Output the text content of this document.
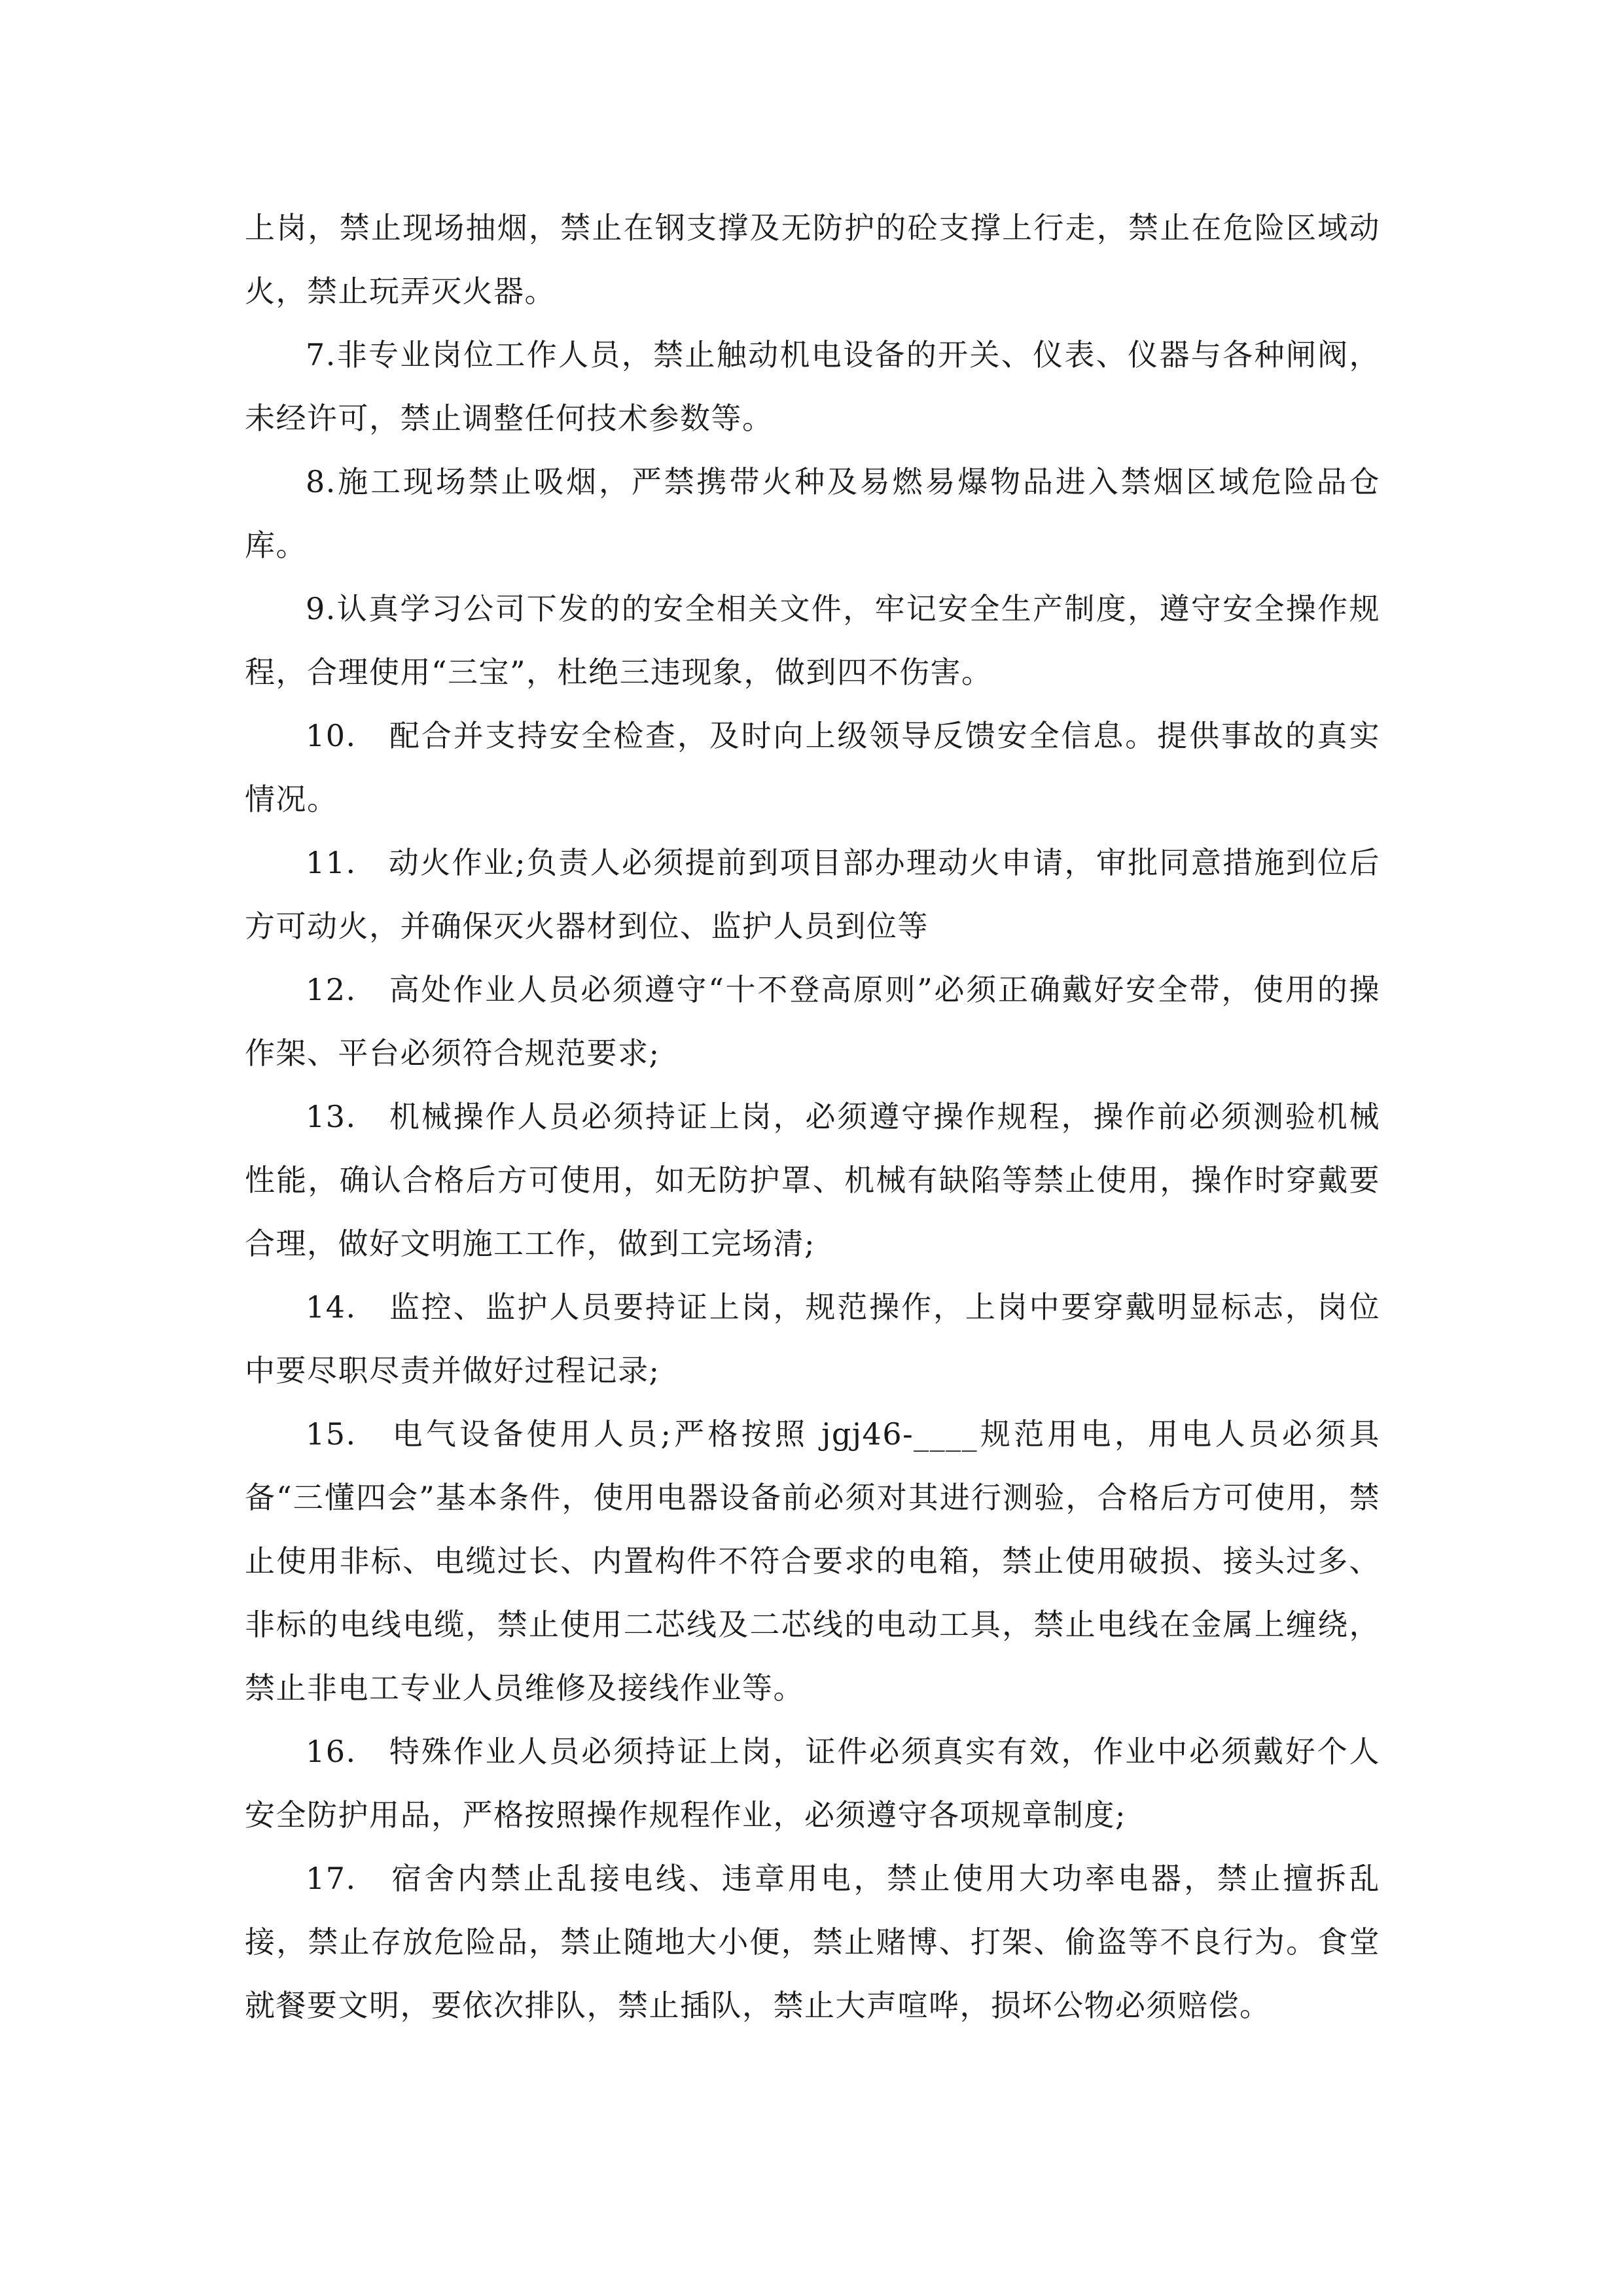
上岗，禁止现场抽烟，禁止在钢支撑及无防护的砼支撑上行走，禁止在危险区域动火，禁止玩弄灭火器。

7.非专业岗位工作人员，禁止触动机电设备的开关、仪表、仪器与各种闸阀，未经许可，禁止调整任何技术参数等。

8.施工现场禁止吸烟，严禁携带火种及易燃易爆物品进入禁烟区域危险品仓库。

9.认真学习公司下发的的安全相关文件，牢记安全生产制度，遵守安全操作规程，合理使用“三宝”，杜绝三违现象，做到四不伤害。

10.　配合并支持安全检查，及时向上级领导反馈安全信息。提供事故的真实情况。

11.　动火作业;负责人必须提前到项目部办理动火申请，审批同意措施到位后方可动火，并确保灭火器材到位、监护人员到位等

12.　高处作业人员必须遵守“十不登高原则”必须正确戴好安全带，使用的操作架、平台必须符合规范要求;

13.　机械操作人员必须持证上岗，必须遵守操作规程，操作前必须测验机械性能，确认合格后方可使用，如无防护罩、机械有缺陷等禁止使用，操作时穿戴要合理，做好文明施工工作，做到工完场清;

14.　监控、监护人员要持证上岗，规范操作，上岗中要穿戴明显标志，岗位中要尽职尽责并做好过程记录;

15.　电气设备使用人员;严格按照 jgj46-____规范用电，用电人员必须具备“三懂四会”基本条件，使用电器设备前必须对其进行测验，合格后方可使用，禁止使用非标、电缆过长、内置构件不符合要求的电箱，禁止使用破损、接头过多、非标的电线电缆，禁止使用二芯线及二芯线的电动工具，禁止电线在金属上缠绕，禁止非电工专业人员维修及接线作业等。

16.　特殊作业人员必须持证上岗，证件必须真实有效，作业中必须戴好个人安全防护用品，严格按照操作规程作业，必须遵守各项规章制度;

17.　宿舍内禁止乱接电线、违章用电，禁止使用大功率电器，禁止擅拆乱接，禁止存放危险品，禁止随地大小便，禁止赌博、打架、偷盗等不良行为。食堂就餐要文明，要依次排队，禁止插队，禁止大声喧哗，损坏公物必须赔偿。
